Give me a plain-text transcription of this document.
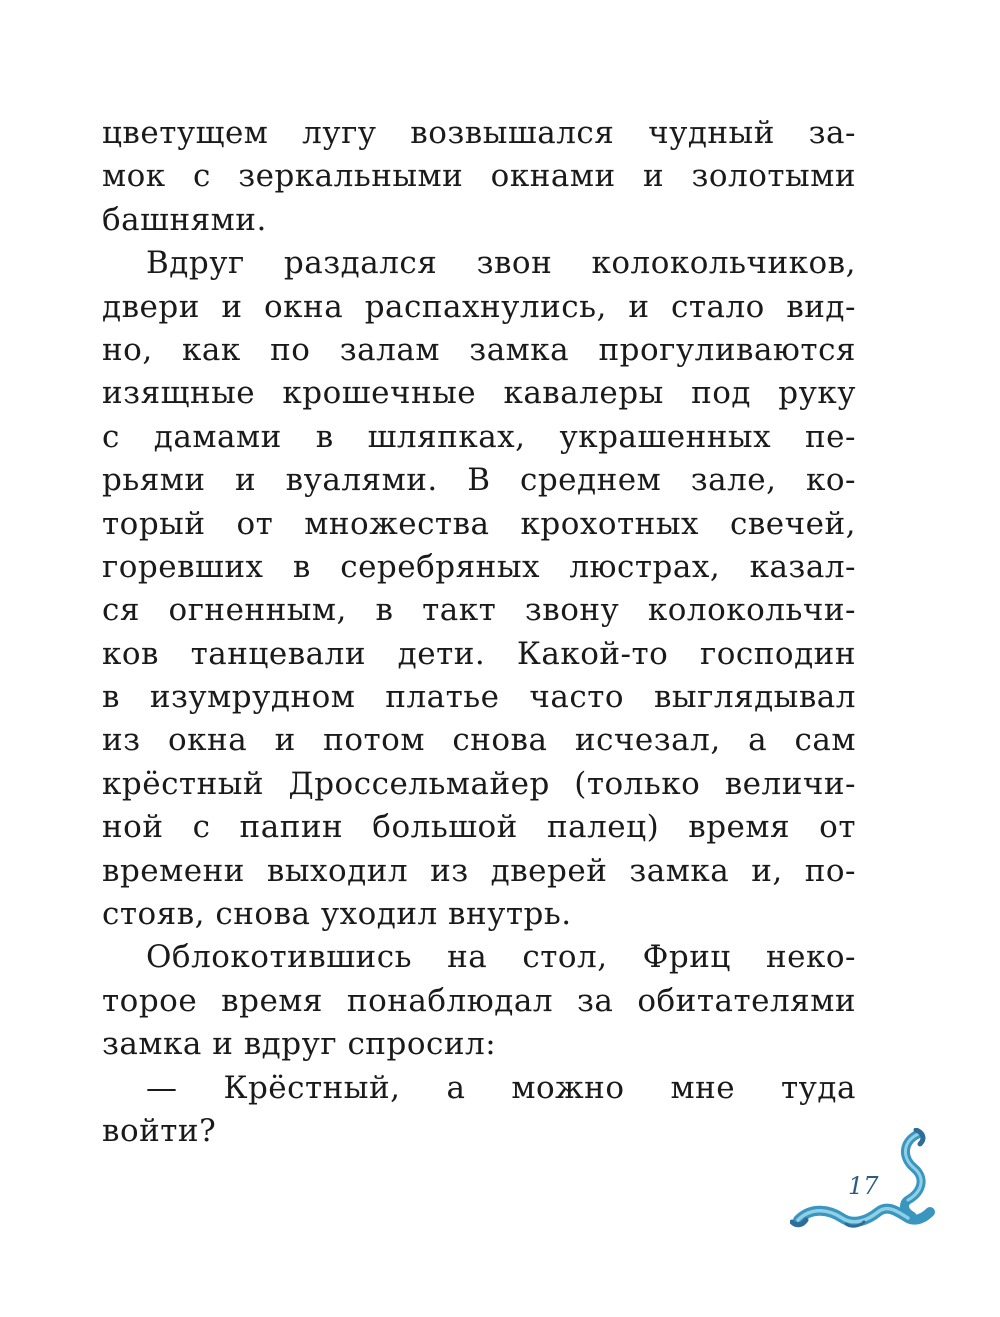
цветущем лугу возвышался чудный за-
мок с зеркальными окнами и золотыми
башнями.
Вдруг раздался звон колокольчиков,
двери и окна распахнулись, и стало вид-
но, как по залам замка прогуливаются
изящные крошечные кавалеры под руку
с дамами в шляпках, украшенных пе-
рьями и вуалями. В среднем зале, ко-
торый от множества крохотных свечей,
горевших в серебряных люстрах, казал-
ся огненным, в такт звону колокольчи-
ков танцевали дети. Какой-то господин
в изумрудном платье часто выглядывал
из окна и потом снова исчезал, а сам
крёстный Дроссельмайер (только величи-
ной с папин большой палец) время от
времени выходил из дверей замка и, по-
стояв, снова уходил внутрь.
Облокотившись на стол, Фриц неко-
торое время понаблюдал за обитателями
замка и вдруг спросил:
— Крёстный, а можно мне туда
войти?
17
